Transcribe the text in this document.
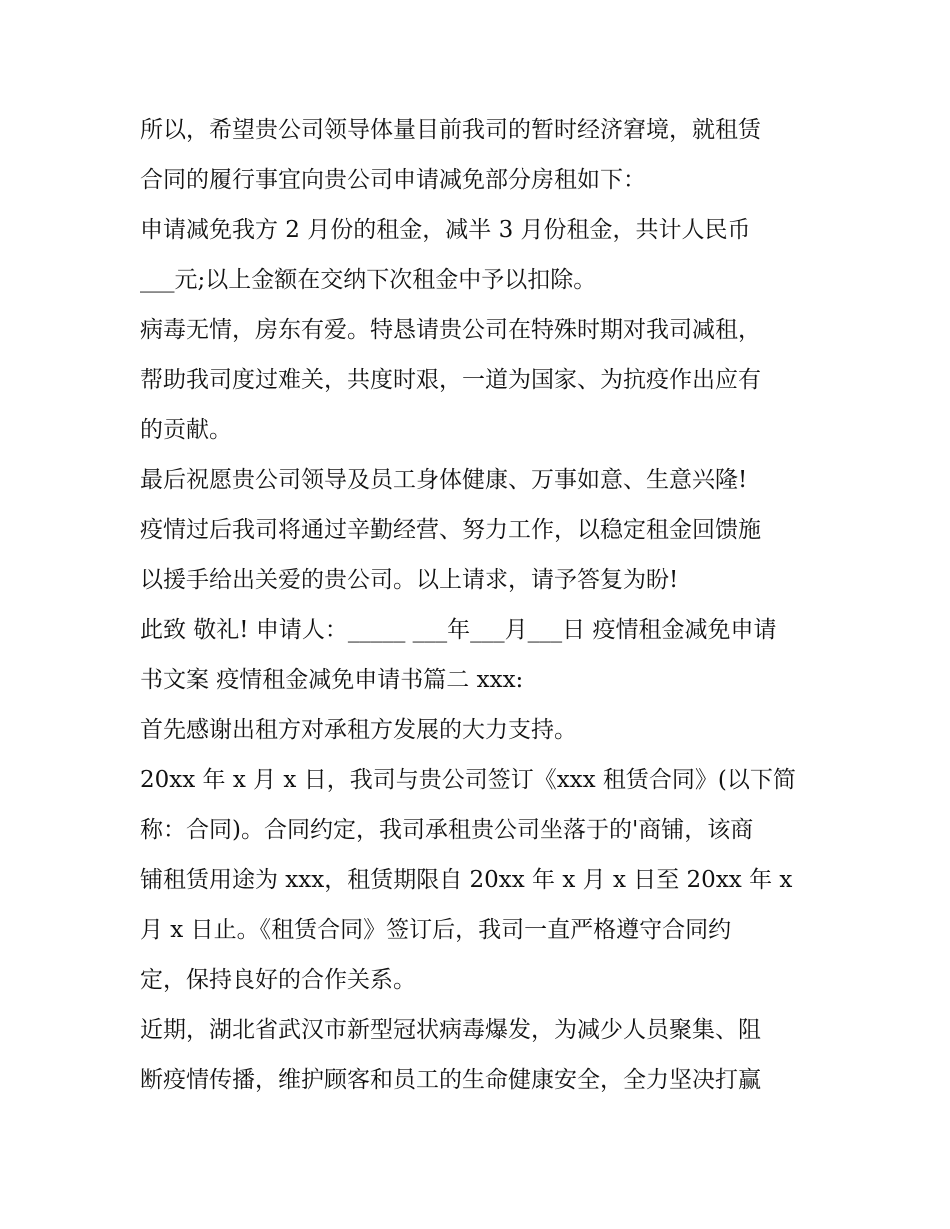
所以，希望贵公司领导体量目前我司的暂时经济窘境，就租赁
合同的履行事宜向贵公司申请减免部分房租如下：
申请减免我方 2 月份的租金，减半 3 月份租金，共计人民币
___元;以上金额在交纳下次租金中予以扣除。
病毒无情，房东有爱。特恳请贵公司在特殊时期对我司减租，
帮助我司度过难关，共度时艰，一道为国家、为抗疫作出应有
的贡献。
最后祝愿贵公司领导及员工身体健康、万事如意、生意兴隆!
疫情过后我司将通过辛勤经营、努力工作，以稳定租金回馈施
以援手给出关爱的贵公司。以上请求，请予答复为盼!
此致 敬礼! 申请人：_____ ___年___月___日 疫情租金减免申请
书文案 疫情租金减免申请书篇二 xxx:
首先感谢出租方对承租方发展的大力支持。
20xx 年 x 月 x 日，我司与贵公司签订《xxx 租赁合同》(以下简
称：合同)。合同约定，我司承租贵公司坐落于的'商铺，该商
铺租赁用途为 xxx，租赁期限自 20xx 年 x 月 x 日至 20xx 年 x
月 x 日止。《租赁合同》签订后，我司一直严格遵守合同约
定，保持良好的合作关系。
近期，湖北省武汉市新型冠状病毒爆发，为减少人员聚集、阻
断疫情传播，维护顾客和员工的生命健康安全，全力坚决打赢
